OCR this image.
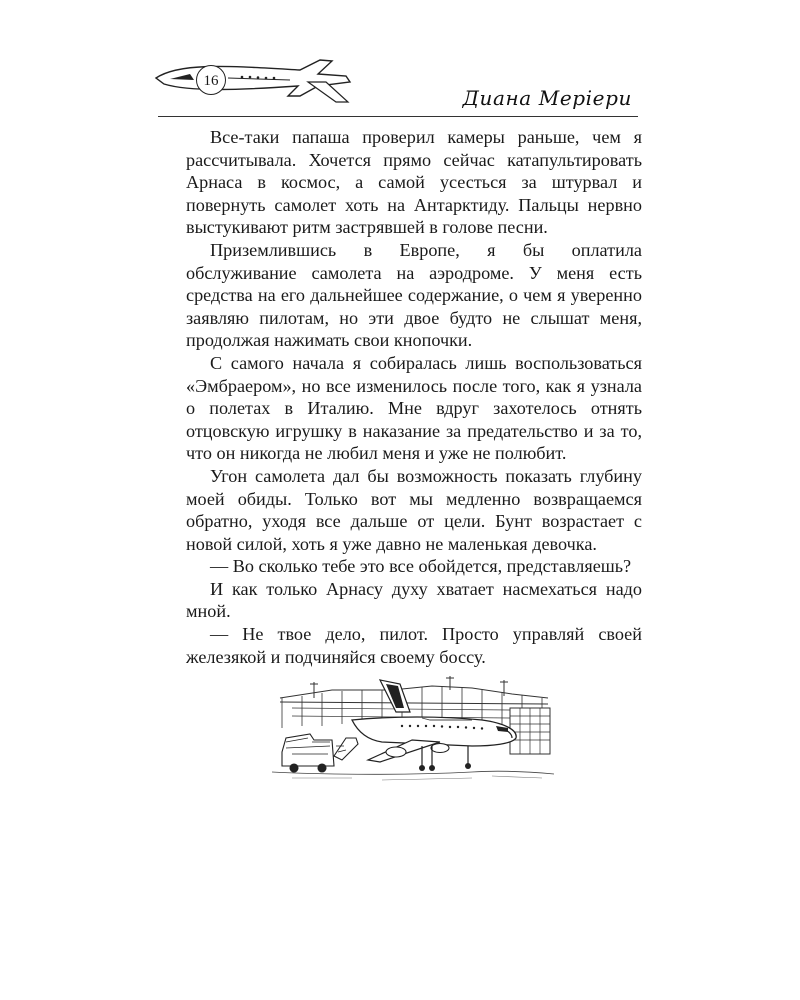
16
Диана Мерiери

Все-таки папаша проверил камеры раньше, чем я рассчитывала. Хочется прямо сейчас катапультировать Арнаса в космос, а самой усесться за штурвал и повернуть самолет хоть на Антарктиду. Пальцы нервно выстукивают ритм застрявшей в голове песни.

Приземлившись в Европе, я бы оплатила обслуживание самолета на аэродроме. У меня есть средства на его дальнейшее содержание, о чем я уверенно заявляю пилотам, но эти двое будто не слышат меня, продолжая нажимать свои кнопочки.

С самого начала я собиралась лишь воспользоваться «Эмбраером», но все изменилось после того, как я узнала о полетах в Италию. Мне вдруг захотелось отнять отцовскую игрушку в наказание за предательство и за то, что он никогда не любил меня и уже не полюбит.

Угон самолета дал бы возможность показать глубину моей обиды. Только вот мы медленно возвращаемся обратно, уходя все дальше от цели. Бунт возрастает с новой силой, хоть я уже давно не маленькая девочка.

— Во сколько тебе это все обойдется, представляешь?

И как только Арнасу духу хватает насмехаться надо мной.

— Не твое дело, пилот. Просто управляй своей железякой и подчиняйся своему боссу.
